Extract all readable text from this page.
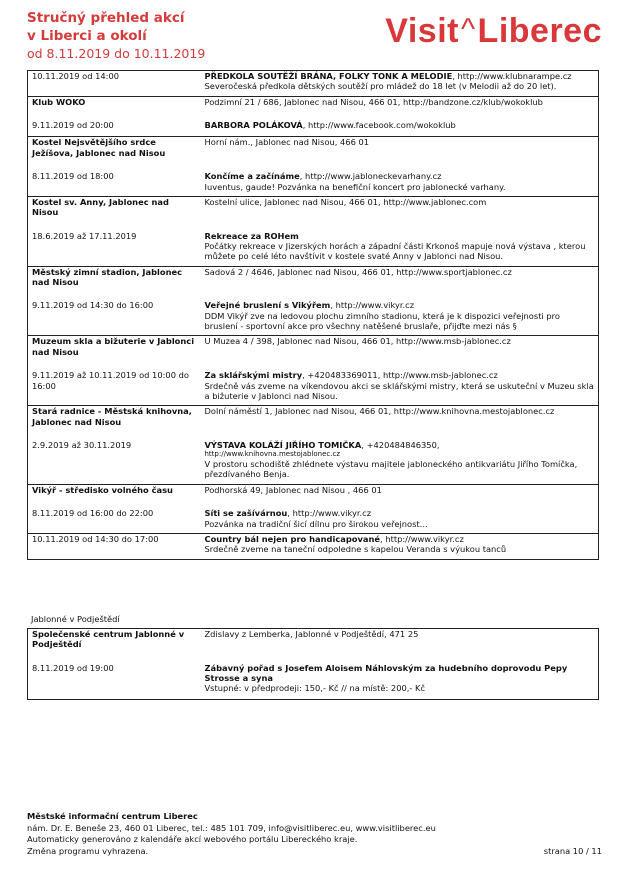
Stručný přehled akcí
v Liberci a okolí
od 8.11.2019 do 10.11.2019
Visit^Liberec
10.11.2019 od 14:00	PŘEDKOLA SOUTĚŽÍ BRÁNA, FOLKY TONK A MELODIE, http://www.klubnarampe.cz
Severočeská předkola dětských soutěží pro mládež do 18 let (v Melodii až do 20 let).

Klub WOKO	Podzimní 21 / 686, Jablonec nad Nisou, 466 01, http://bandzone.cz/klub/wokoklub

9.11.2019 od 20:00	BARBORA POLÁKOVÁ, http://www.facebook.com/wokoklub

Kostel Nejsvětějšího srdce Ježíšova, Jablonec nad Nisou	Horní nám., Jablonec nad Nisou, 466 01

8.11.2019 od 18:00	Končíme a začínáme, http://www.jabloneckevarhany.cz
Iuventus, gaude! Pozvánka na benefiční koncert pro jablonecké varhany.

Kostel sv. Anny, Jablonec nad Nisou	Kostelní ulice, Jablonec nad Nisou, 466 01, http://www.jablonec.com

18.6.2019 až 17.11.2019	Rekreace za ROHem
Počátky rekreace v Jizerských horách a západní části Krkonoš mapuje nová výstava , kterou můžete po celé léto navštívit v kostele svaté Anny v Jablonci nad Nisou.

Městský zimní stadion, Jablonec nad Nisou	Sadová 2 / 4646, Jablonec nad Nisou, 466 01, http://www.sportjablonec.cz

9.11.2019 od 14:30 do 16:00	Veřejné bruslení s Vikýřem, http://www.vikyr.cz
DDM Vikýř zve na ledovou plochu zimního stadionu, která je k dispozici veřejnosti pro bruslení - sportovní akce pro všechny natěšené bruslaře, přijďte mezi nás §

Muzeum skla a bižuterie v Jablonci nad Nisou	U Muzea 4 / 398, Jablonec nad Nisou, 466 01, http://www.msb-jablonec.cz

9.11.2019 až 10.11.2019 od 10:00 do 16:00	Za sklářskými mistry, +420483369011, http://www.msb-jablonec.cz
Srdečně vás zveme na víkendovou akci se sklářskými mistry, která se uskuteční v Muzeu skla a bižuterie v Jablonci nad Nisou.

Stará radnice - Městská knihovna, Jablonec nad Nisou	Dolní náměstí 1, Jablonec nad Nisou, 466 01, http://www.knihovna.mestojablonec.cz

2.9.2019 až 30.11.2019	VÝSTAVA KOLÁŽÍ JIŘÍHO TOMIČKA, +420484846350,
http://www.knihovna.mestojablonec.cz
V prostoru schodiště zhlédnete výstavu majitele jabloneckého antikvariátu Jiřího Tomíčka, přezdívaného Benja.

Vikýř - středisko volného času	Podhorská 49, Jablonec nad Nisou , 466 01

8.11.2019 od 16:00 do 22:00	Síti se zašívárnou, http://www.vikyr.cz
Pozvánka na tradiční šicí dílnu pro širokou veřejnost...

10.11.2019 od 14:30 do 17:00	Country bál nejen pro handicapované, http://www.vikyr.cz
Srdečně zveme na taneční odpoledne s kapelou Veranda s výukou tanců
Jablonné v Podještědí
Společenské centrum Jablonné v Podještědí	Zdislavy z Lemberka, Jablonné v Podještědí, 471 25

8.11.2019 od 19:00	Zábavný pořad s Josefem Aloisem Náhlovským za hudebního doprovodu Pepy Strosse a syna
Vstupné: v předprodeji: 150,- Kč // na místě: 200,- Kč
Městské informační centrum Liberec
nám. Dr. E. Beneše 23, 460 01 Liberec, tel.: 485 101 709, info@visitliberec.eu, www.visitliberec.eu
Automaticky generováno z kalendáře akcí webového portálu Libereckého kraje.
Změna programu vyhrazena.	strana 10 / 11
